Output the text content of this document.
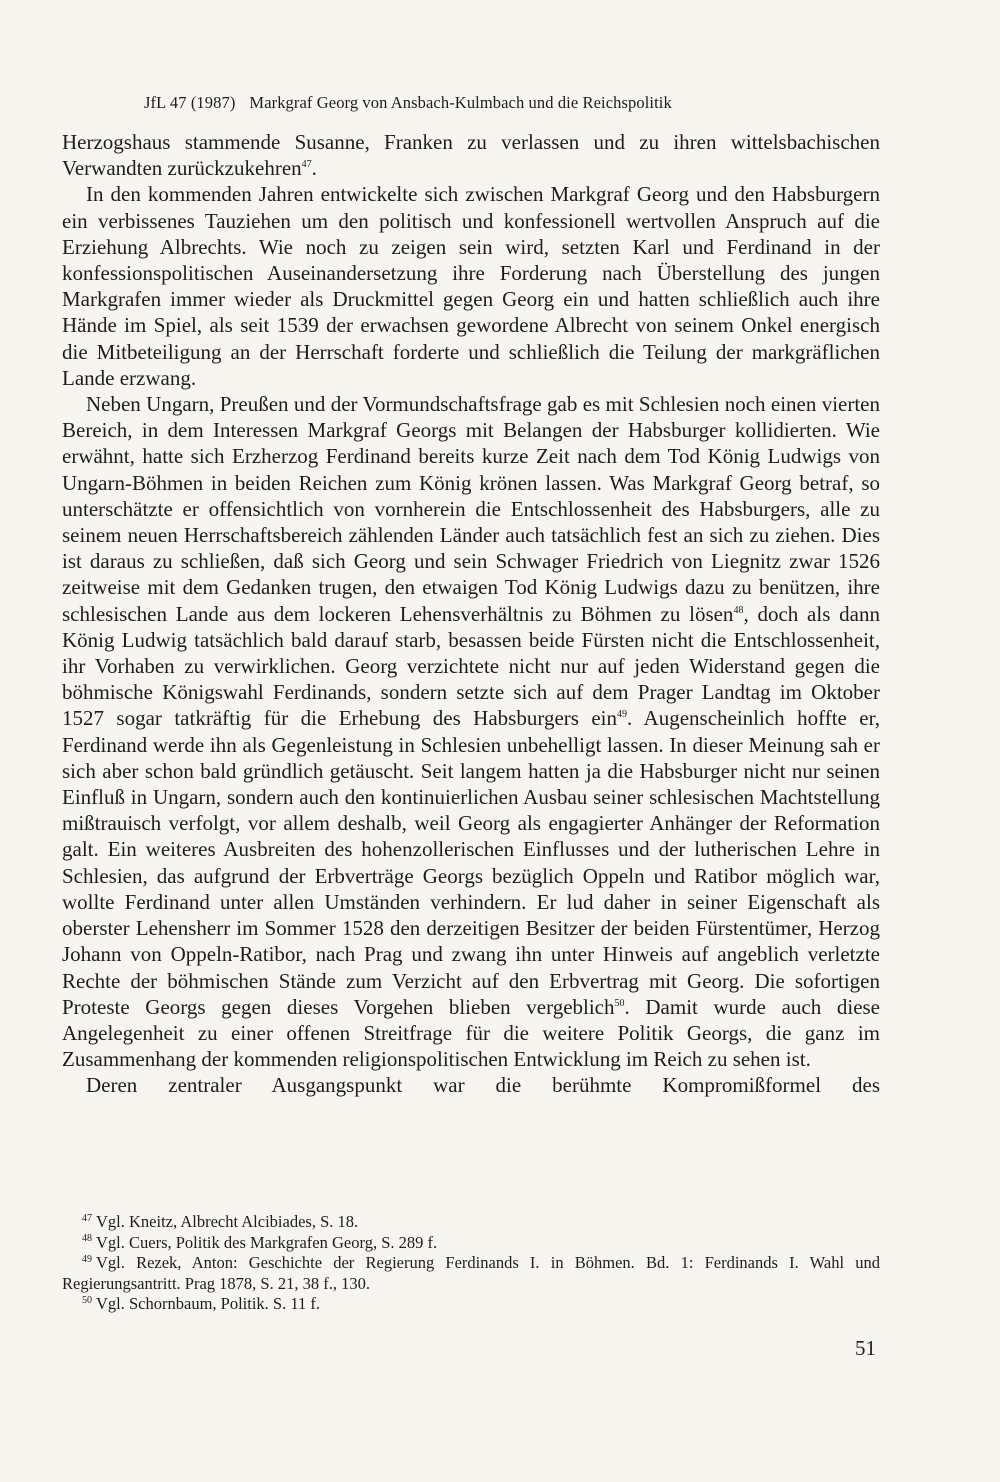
JfL 47 (1987) Markgraf Georg von Ansbach-Kulmbach und die Reichspolitik

Herzogshaus stammende Susanne, Franken zu verlassen und zu ihren wittelsbachischen Verwandten zurückzukehren$^{47}$.

In den kommenden Jahren entwickelte sich zwischen Markgraf Georg und den Habsburgern ein verbissenes Tauziehen um den politisch und konfessionell wertvollen Anspruch auf die Erziehung Albrechts. Wie noch zu zeigen sein wird, setzten Karl und Ferdinand in der konfessionspolitischen Auseinandersetzung ihre Forderung nach Überstellung des jungen Markgrafen immer wieder als Druckmittel gegen Georg ein und hatten schließlich auch ihre Hände im Spiel, als seit 1539 der erwachsen gewordene Albrecht von seinem Onkel energisch die Mitbeteiligung an der Herrschaft forderte und schließlich die Teilung der markgräflichen Lande erzwang.

Neben Ungarn, Preußen und der Vormundschaftsfrage gab es mit Schlesien noch einen vierten Bereich, in dem Interessen Markgraf Georgs mit Belangen der Habsburger kollidierten. Wie erwähnt, hatte sich Erzherzog Ferdinand bereits kurze Zeit nach dem Tod König Ludwigs von Ungarn-Böhmen in beiden Reichen zum König krönen lassen. Was Markgraf Georg betraf, so unterschätzte er offensichtlich von vornherein die Entschlossenheit des Habsburgers, alle zu seinem neuen Herrschaftsbereich zählenden Länder auch tatsächlich fest an sich zu ziehen. Dies ist daraus zu schließen, daß sich Georg und sein Schwager Friedrich von Liegnitz zwar 1526 zeitweise mit dem Gedanken trugen, den etwaigen Tod König Ludwigs dazu zu benützen, ihre schlesischen Lande aus dem lockeren Lehensverhältnis zu Böhmen zu lösen$^{48}$, doch als dann König Ludwig tatsächlich bald darauf starb, besassen beide Fürsten nicht die Entschlossenheit, ihr Vorhaben zu verwirklichen. Georg verzichtete nicht nur auf jeden Widerstand gegen die böhmische Königswahl Ferdinands, sondern setzte sich auf dem Prager Landtag im Oktober 1527 sogar tatkräftig für die Erhebung des Habsburgers ein$^{49}$. Augenscheinlich hoffte er, Ferdinand werde ihn als Gegenleistung in Schlesien unbehelligt lassen. In dieser Meinung sah er sich aber schon bald gründlich getäuscht. Seit langem hatten ja die Habsburger nicht nur seinen Einfluß in Ungarn, sondern auch den kontinuierlichen Ausbau seiner schlesischen Machtstellung mißtrauisch verfolgt, vor allem deshalb, weil Georg als engagierter Anhänger der Reformation galt. Ein weiteres Ausbreiten des hohenzollerischen Einflusses und der lutherischen Lehre in Schlesien, das aufgrund der Erbverträge Georgs bezüglich Oppeln und Ratibor möglich war, wollte Ferdinand unter allen Umständen verhindern. Er lud daher in seiner Eigenschaft als oberster Lehensherr im Sommer 1528 den derzeitigen Besitzer der beiden Fürstentümer, Herzog Johann von Oppeln-Ratibor, nach Prag und zwang ihn unter Hinweis auf angeblich verletzte Rechte der böhmischen Stände zum Verzicht auf den Erbvertrag mit Georg. Die sofortigen Proteste Georgs gegen dieses Vorgehen blieben vergeblich$^{50}$. Damit wurde auch diese Angelegenheit zu einer offenen Streitfrage für die weitere Politik Georgs, die ganz im Zusammenhang der kommenden religionspolitischen Entwicklung im Reich zu sehen ist.

Deren zentraler Ausgangspunkt war die berühmte Kompromißformel des

$^{47}$ Vgl. Kneitz, Albrecht Alcibiades, S. 18.

$^{48}$ Vgl. Cuers, Politik des Markgrafen Georg, S. 289 f.

$^{49}$ Vgl. Rezek, Anton: Geschichte der Regierung Ferdinands I. in Böhmen. Bd. 1: Ferdinands I. Wahl und Regierungsantritt. Prag 1878, S. 21, 38 f., 130.

$^{50}$ Vgl. Schornbaum, Politik. S. 11 f.

51
